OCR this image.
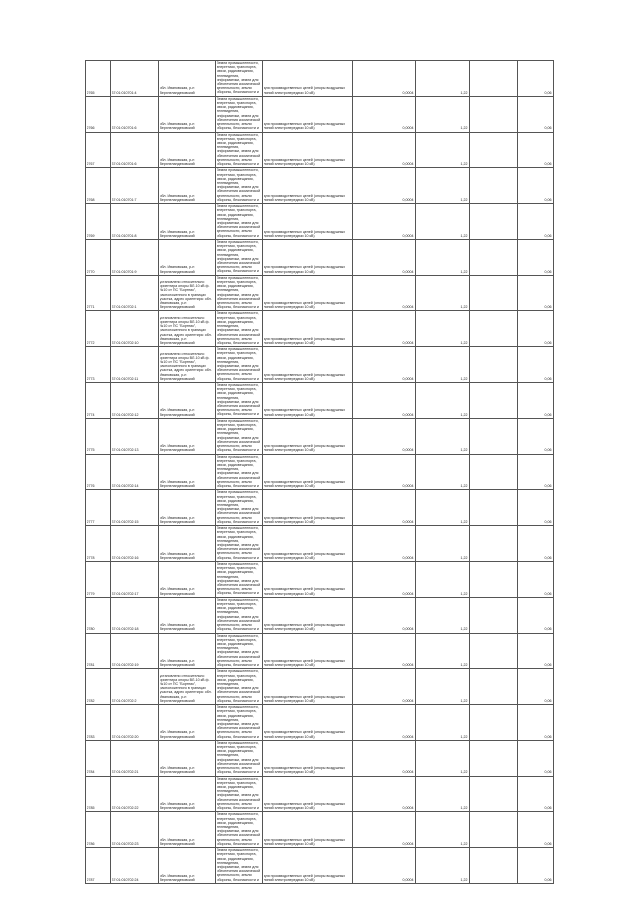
2765	37:01:010701:4
обл. Ивановская, р-н Верхнеландеховский
Земли промышленности, энергетики, транспорта, связи, радиовещания, телевидения, информатики, земли для обеспечения космической деятельности, земли обороны, безопасности и
для производственных целей (опоры воздушных линий электропередачи 10 кВ)	0,0004	1,22	0,06
2766	37:01:010701:6
обл. Ивановская, р-н Верхнеландеховский
Земли промышленности, энергетики, транспорта, связи, радиовещания, телевидения, информатики, земли для обеспечения космической деятельности, земли обороны, безопасности и
для производственных целей (опоры воздушных линий электропередачи 10 кВ)	0,0004	1,22	0,06
2767	37:01:010701:6
обл. Ивановская, р-н Верхнеландеховский
Земли промышленности, энергетики, транспорта, связи, радиовещания, телевидения, информатики, земли для обеспечения космической деятельности, земли обороны, безопасности и
для производственных целей (опоры воздушных линий электропередачи 10 кВ)	0,0004	1,22	0,06
2768	37:01:010701:7
обл. Ивановская, р-н Верхнеландеховский
Земли промышленности, энергетики, транспорта, связи, радиовещания, телевидения, информатики, земли для обеспечения космической деятельности, земли обороны, безопасности и
для производственных целей (опоры воздушных линий электропередачи 10 кВ)	0,0004	1,22	0,06
2769	37:01:010701:8
обл. Ивановская, р-н Верхнеландеховский
Земли промышленности, энергетики, транспорта, связи, радиовещания, телевидения, информатики, земли для обеспечения космической деятельности, земли обороны, безопасности и
для производственных целей (опоры воздушных линий электропередачи 10 кВ)	0,0004	1,22	0,06
2770	37:01:010701:9
обл. Ивановская, р-н Верхнеландеховский
Земли промышленности, энергетики, транспорта, связи, радиовещания, телевидения, информатики, земли для обеспечения космической деятельности, земли обороны, безопасности и
для производственных целей (опоры воздушных линий электропередачи 10 кВ)	0,0004	1,22	0,06
2771	37:01:010702:1
установлено относительно ориентира опоры ВЛ-10 кВ ф. №10 от ПС "Бортник", расположенного в границах участка, адрес ориентира: обл. Ивановская, р-н Верхнеландеховский
Земли промышленности, энергетики, транспорта, связи, радиовещания, телевидения, информатики, земли для обеспечения космической деятельности, земли обороны, безопасности и
для производственных целей (опоры воздушных линий электропередачи 10 кВ)	0,0004	1,22	0,06
2772	37:01:010702:10
установлено относительно ориентира опоры ВЛ-10 кВ ф. №10 от ПС "Бортник", расположенного в границах участка, адрес ориентира: обл. Ивановская, р-н Верхнеландеховский
Земли промышленности, энергетики, транспорта, связи, радиовещания, телевидения, информатики, земли для обеспечения космической деятельности, земли обороны, безопасности и
для производственных целей (опоры воздушных линий электропередачи 10 кВ)	0,0004	1,22	0,06
2773	37:01:010702:11
установлено относительно ориентира опоры ВЛ-10 кВ ф. №10 от ПС "Бортник", расположенного в границах участка, адрес ориентира: обл. Ивановская, р-н Верхнеландеховский
Земли промышленности, энергетики, транспорта, связи, радиовещания, телевидения, информатики, земли для обеспечения космической деятельности, земли обороны, безопасности и
для производственных целей (опоры воздушных линий электропередачи 10 кВ)	0,0004	1,22	0,06
2774	37:01:010702:12
обл. Ивановская, р-н Верхнеландеховский
Земли промышленности, энергетики, транспорта, связи, радиовещания, телевидения, информатики, земли для обеспечения космической деятельности, земли обороны, безопасности и
для производственных целей (опоры воздушных линий электропередачи 10 кВ)	0,0004	1,22	0,06
2775	37:01:010702:13
обл. Ивановская, р-н Верхнеландеховский
Земли промышленности, энергетики, транспорта, связи, радиовещания, телевидения, информатики, земли для обеспечения космической деятельности, земли обороны, безопасности и
для производственных целей (опоры воздушных линий электропередачи 10 кВ)	0,0004	1,22	0,06
2776	37:01:010702:14
обл. Ивановская, р-н Верхнеландеховский
Земли промышленности, энергетики, транспорта, связи, радиовещания, телевидения, информатики, земли для обеспечения космической деятельности, земли обороны, безопасности и
для производственных целей (опоры воздушных линий электропередачи 10 кВ)	0,0004	1,22	0,06
2777	37:01:010702:15
обл. Ивановская, р-н Верхнеландеховский
Земли промышленности, энергетики, транспорта, связи, радиовещания, телевидения, информатики, земли для обеспечения космической деятельности, земли обороны, безопасности и
для производственных целей (опоры воздушных линий электропередачи 10 кВ)	0,0004	1,22	0,06
2778	37:01:010702:16
обл. Ивановская, р-н Верхнеландеховский
Земли промышленности, энергетики, транспорта, связи, радиовещания, телевидения, информатики, земли для обеспечения космической деятельности, земли обороны, безопасности и
для производственных целей (опоры воздушных линий электропередачи 10 кВ)	0,0004	1,22	0,06
2779	37:01:010702:17
обл. Ивановская, р-н Верхнеландеховский
Земли промышленности, энергетики, транспорта, связи, радиовещания, телевидения, информатики, земли для обеспечения космической деятельности, земли обороны, безопасности и
для производственных целей (опоры воздушных линий электропередачи 10 кВ)	0,0004	1,22	0,06
2780	37:01:010702:18
обл. Ивановская, р-н Верхнеландеховский
Земли промышленности, энергетики, транспорта, связи, радиовещания, телевидения, информатики, земли для обеспечения космической деятельности, земли обороны, безопасности и
для производственных целей (опоры воздушных линий электропередачи 10 кВ)	0,0004	1,22	0,06
2781	37:01:010702:19
обл. Ивановская, р-н Верхнеландеховский
Земли промышленности, энергетики, транспорта, связи, радиовещания, телевидения, информатики, земли для обеспечения космической деятельности, земли обороны, безопасности и
для производственных целей (опоры воздушных линий электропередачи 10 кВ)	0,0004	1,22	0,06
2782	37:01:010702:2
установлено относительно ориентира опоры ВЛ-10 кВ ф. №10 от ПС "Бортник", расположенного в границах участка, адрес ориентира: обл. Ивановская, р-н Верхнеландеховский
Земли промышленности, энергетики, транспорта, связи, радиовещания, телевидения, информатики, земли для обеспечения космической деятельности, земли обороны, безопасности и
для производственных целей (опоры воздушных линий электропередачи 10 кВ)	0,0004	1,22	0,06
2783	37:01:010702:20
обл. Ивановская, р-н Верхнеландеховский
Земли промышленности, энергетики, транспорта, связи, радиовещания, телевидения, информатики, земли для обеспечения космической деятельности, земли обороны, безопасности и
для производственных целей (опоры воздушных линий электропередачи 10 кВ)	0,0004	1,22	0,06
2784	37:01:010702:21
обл. Ивановская, р-н Верхнеландеховский
Земли промышленности, энергетики, транспорта, связи, радиовещания, телевидения, информатики, земли для обеспечения космической деятельности, земли обороны, безопасности и
для производственных целей (опоры воздушных линий электропередачи 10 кВ)	0,0004	1,22	0,06
2785	37:01:010702:22
обл. Ивановская, р-н Верхнеландеховский
Земли промышленности, энергетики, транспорта, связи, радиовещания, телевидения, информатики, земли для обеспечения космической деятельности, земли обороны, безопасности и
для производственных целей (опоры воздушных линий электропередачи 10 кВ)	0,0004	1,22	0,06
2786	37:01:010702:23
обл. Ивановская, р-н Верхнеландеховский
Земли промышленности, энергетики, транспорта, связи, радиовещания, телевидения, информатики, земли для обеспечения космической деятельности, земли обороны, безопасности и
для производственных целей (опоры воздушных линий электропередачи 10 кВ)	0,0004	1,22	0,06
2787	37:01:010702:24
обл. Ивановская, р-н Верхнеландеховский
Земли промышленности, энергетики, транспорта, связи, радиовещания, телевидения, информатики, земли для обеспечения космической деятельности, земли обороны, безопасности и
для производственных целей (опоры воздушных линий электропередачи 10 кВ)	0,0004	1,22	0,06
